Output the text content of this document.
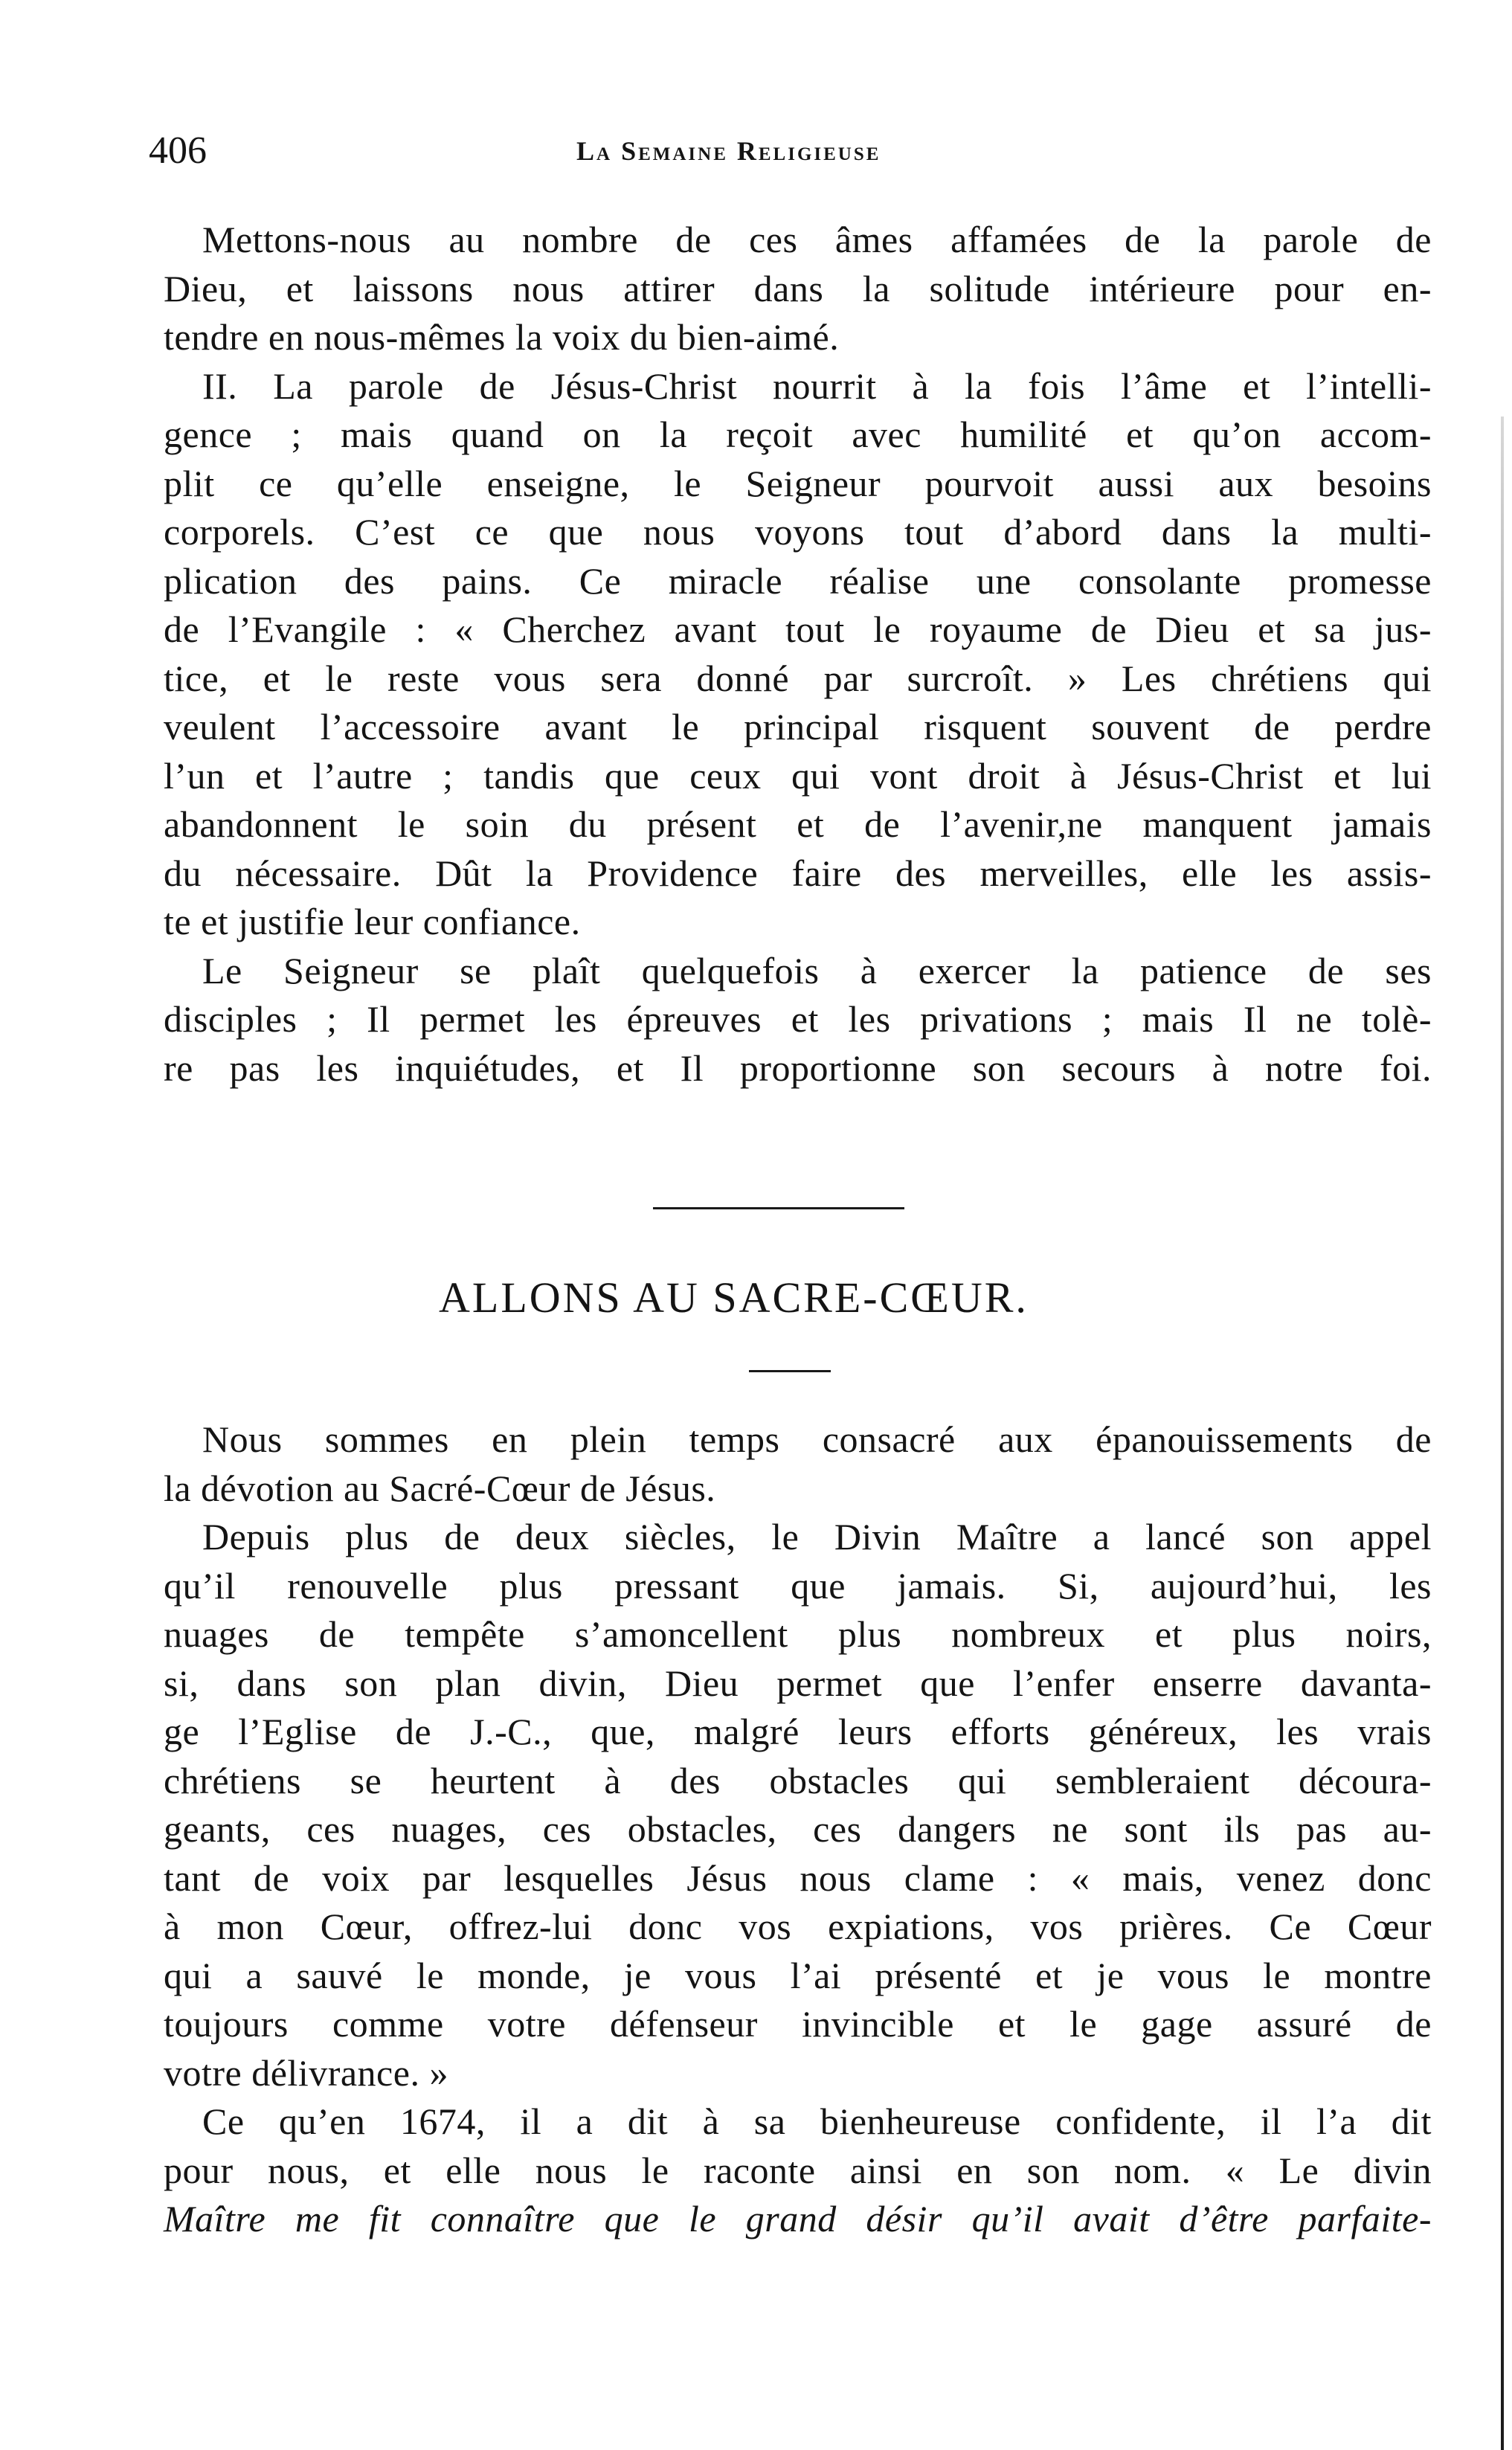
406	La Semaine Religieuse
Mettons-nous au nombre de ces âmes affamées de la parole de
Dieu, et laissons nous attirer dans la solitude intérieure pour en-
tendre en nous-mêmes la voix du bien-aimé.
II. La parole de Jésus-Christ nourrit à la fois l’âme et l’intelli-
gence ; mais quand on la reçoit avec humilité et qu’on accom-
plit ce qu’elle enseigne, le Seigneur pourvoit aussi aux besoins
corporels. C’est ce que nous voyons tout d’abord dans la multi-
plication des pains. Ce miracle réalise une consolante promesse
de l’Evangile : « Cherchez avant tout le royaume de Dieu et sa jus-
tice, et le reste vous sera donné par surcroît. » Les chrétiens qui
veulent l’accessoire avant le principal risquent souvent de perdre
l’un et l’autre ; tandis que ceux qui vont droit à Jésus-Christ et lui
abandonnent le soin du présent et de l’avenir,ne manquent jamais
du nécessaire. Dût la Providence faire des merveilles, elle les assis-
te et justifie leur confiance.
Le Seigneur se plaît quelquefois à exercer la patience de ses
disciples ; Il permet les épreuves et les privations ; mais Il ne tolè-
re pas les inquiétudes, et Il proportionne son secours à notre foi.
ALLONS AU SACRE-CŒUR.
Nous sommes en plein temps consacré aux épanouissements de
la dévotion au Sacré-Cœur de Jésus.
Depuis plus de deux siècles, le Divin Maître a lancé son appel
qu’il renouvelle plus pressant que jamais. Si, aujourd’hui, les
nuages de tempête s’amoncellent plus nombreux et plus noirs,
si, dans son plan divin, Dieu permet que l’enfer enserre davanta-
ge l’Eglise de J.-C., que, malgré leurs efforts généreux, les vrais
chrétiens se heurtent à des obstacles qui sembleraient découra-
geants, ces nuages, ces obstacles, ces dangers ne sont ils pas au-
tant de voix par lesquelles Jésus nous clame : « mais, venez donc
à mon Cœur, offrez-lui donc vos expiations, vos prières. Ce Cœur
qui a sauvé le monde, je vous l’ai présenté et je vous le montre
toujours comme votre défenseur invincible et le gage assuré de
votre délivrance. »
Ce qu’en 1674, il a dit à sa bienheureuse confidente, il l’a dit
pour nous, et elle nous le raconte ainsi en son nom. « Le divin
Maître me fit connaître que le grand désir qu’il avait d’être parfaite-
